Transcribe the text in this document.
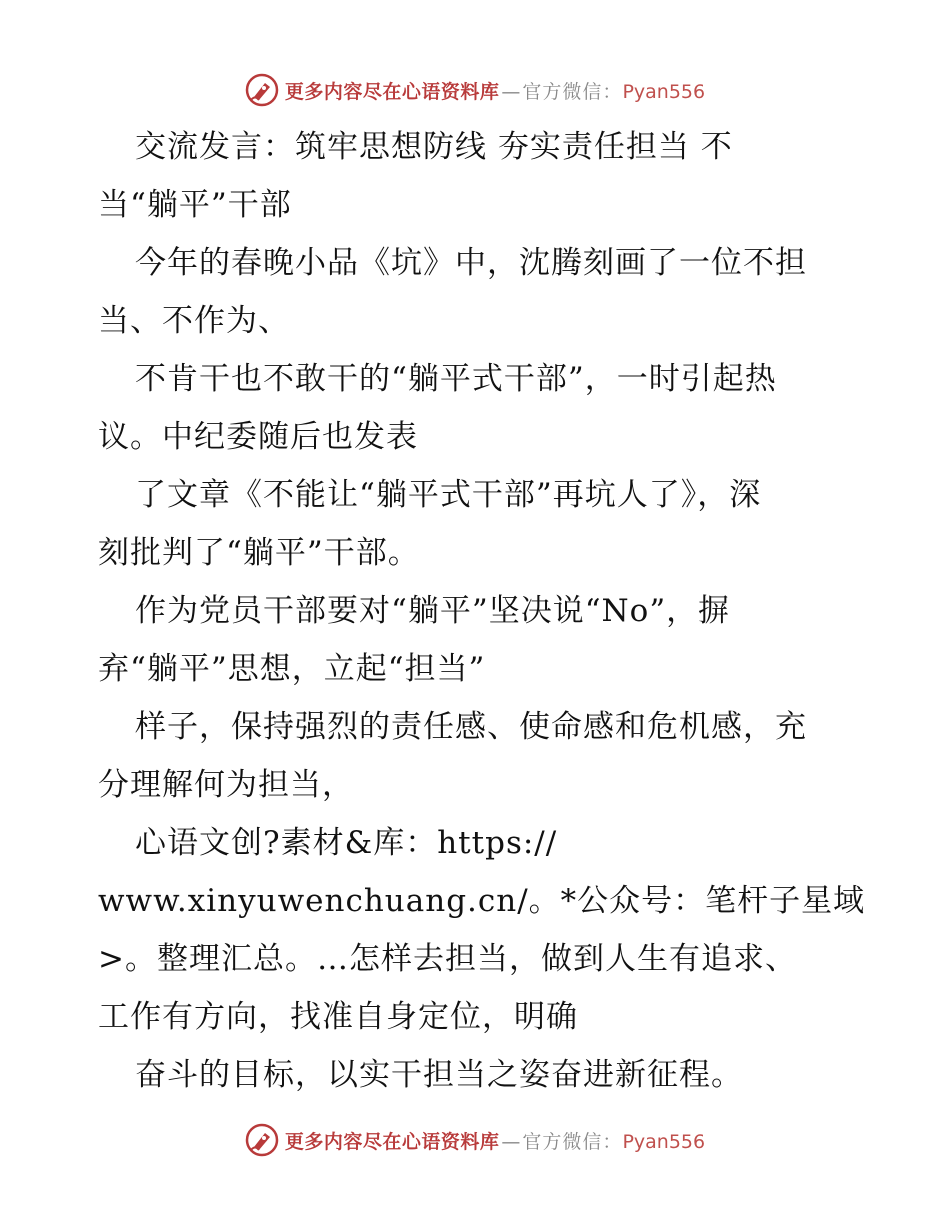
更多内容尽在心语资料库 — 官方微信： Pyan556
交流发言：筑牢思想防线 夯实责任担当 不
当“躺平”干部
今年的春晚小品《坑》中，沈腾刻画了一位不担
当、不作为、
不肯干也不敢干的“躺平式干部”，一时引起热
议。中纪委随后也发表
了文章《不能让“躺平式干部”再坑人了》，深
刻批判了“躺平”干部。
作为党员干部要对“躺平”坚决说“No”，摒
弃“躺平”思想，立起“担当”
样子，保持强烈的责任感、使命感和危机感，充
分理解何为担当，
心语文创?素材&库：https://
www.xinyuwenchuang.cn/。*公众号：笔杆子星域
>。整理汇总。…怎样去担当，做到人生有追求、
工作有方向，找准自身定位，明确
奋斗的目标，以实干担当之姿奋进新征程。
更多内容尽在心语资料库 — 官方微信： Pyan556
